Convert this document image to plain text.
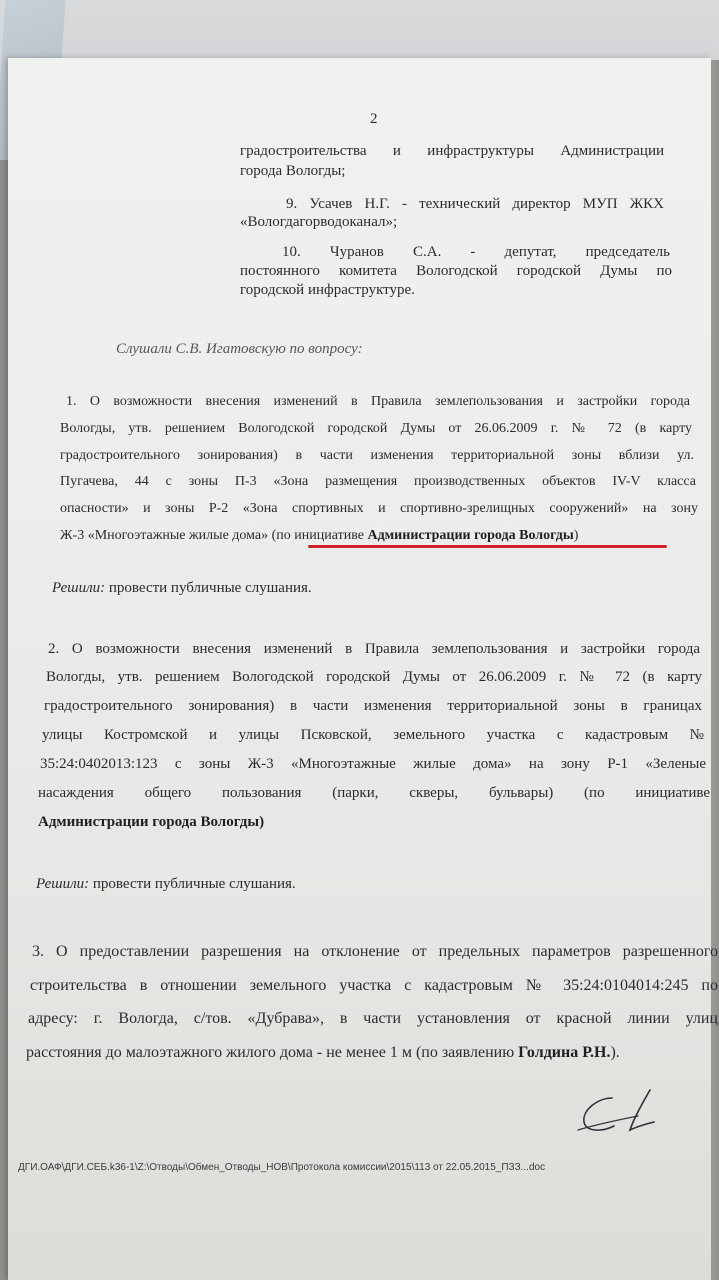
2
градостроительства и инфраструктуры Администрации
города Вологды;
9. Усачев Н.Г. - технический директор МУП ЖКХ
«Вологдагорводоканал»;
10. Чуранов С.А. - депутат, председатель
постоянного комитета Вологодской городской Думы по
городской инфраструктуре.
Слушали С.В. Игатовскую по вопросу:
1. О возможности внесения изменений в Правила землепользования и застройки города
Вологды, утв. решением Вологодской городской Думы от 26.06.2009 г. № 72 (в карту
градостроительного зонирования) в части изменения территориальной зоны вблизи ул.
Пугачева, 44 с зоны П-3 «Зона размещения производственных объектов IV-V класса
опасности» и зоны Р-2 «Зона спортивных и спортивно-зрелищных сооружений» на зону
Ж-3 «Многоэтажные жилые дома» (по инициативе Администрации города Вологды)
Решили: провести публичные слушания.
2. О возможности внесения изменений в Правила землепользования и застройки города
Вологды, утв. решением Вологодской городской Думы от 26.06.2009 г. № 72 (в карту
градостроительного зонирования) в части изменения территориальной зоны в границах
улицы Костромской и улицы Псковской, земельного участка с кадастровым №
35:24:0402013:123 с зоны Ж-3 «Многоэтажные жилые дома» на зону Р-1 «Зеленые
насаждения общего пользования (парки, скверы, бульвары) (по инициативе
Администрации города Вологды)
Решили: провести публичные слушания.
3. О предоставлении разрешения на отклонение от предельных параметров разрешенного
строительства в отношении земельного участка с кадастровым № 35:24:0104014:245 по
адресу: г. Вологда, с/тов. «Дубрава», в части установления от красной линии улиц
расстояния до малоэтажного жилого дома - не менее 1 м (по заявлению Голдина Р.Н.).
ДГИ.ОАФ\ДГИ.СЕБ.k36-1\Z:\Отводы\Обмен_Отводы_НОВ\Протокола комиссии\2015\113 от 22.05.2015_ПЗЗ...doc
